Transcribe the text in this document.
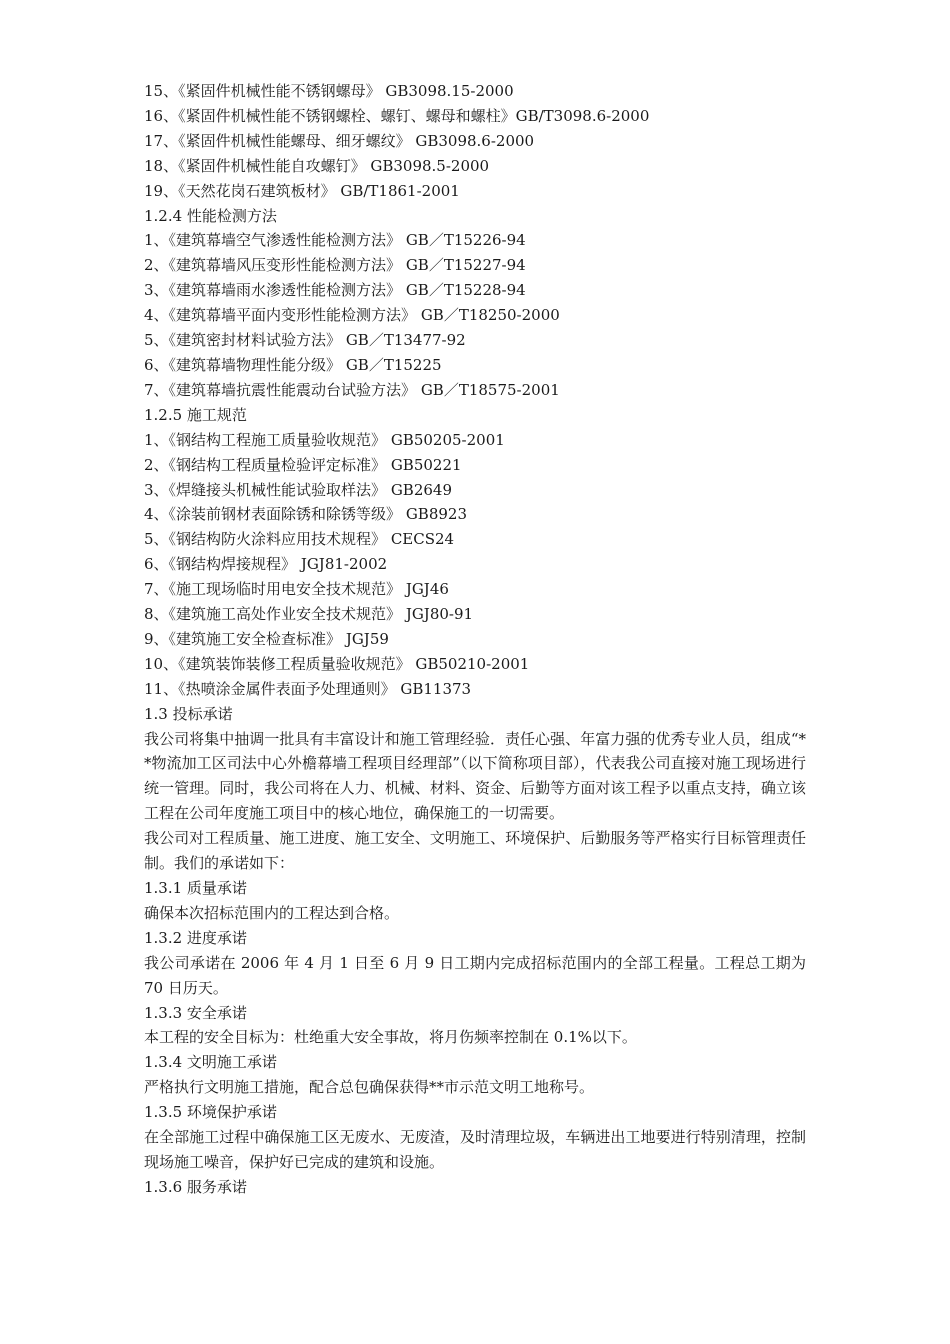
15、《紧固件机械性能不锈钢螺母》 GB3098.15-2000
16、《紧固件机械性能不锈钢螺栓、螺钉、螺母和螺柱》GB/T3098.6-2000
17、《紧固件机械性能螺母、细牙螺纹》 GB3098.6-2000
18、《紧固件机械性能自攻螺钉》 GB3098.5-2000
19、《天然花岗石建筑板材》 GB/T1861-2001
1.2.4 性能检测方法
1、《建筑幕墙空气渗透性能检测方法》 GB／T15226-94
2、《建筑幕墙风压变形性能检测方法》 GB／T15227-94
3、《建筑幕墙雨水渗透性能检测方法》 GB／T15228-94
4、《建筑幕墙平面内变形性能检测方法》 GB／T18250-2000
5、《建筑密封材料试验方法》 GB／T13477-92
6、《建筑幕墙物理性能分级》 GB／T15225
7、《建筑幕墙抗震性能震动台试验方法》 GB／T18575-2001
1.2.5 施工规范
1、《钢结构工程施工质量验收规范》 GB50205-2001
2、《钢结构工程质量检验评定标准》 GB50221
3、《焊缝接头机械性能试验取样法》 GB2649
4、《涂装前钢材表面除锈和除锈等级》 GB8923
5、《钢结构防火涂料应用技术规程》 CECS24
6、《钢结构焊接规程》 JGJ81-2002
7、《施工现场临时用电安全技术规范》 JGJ46
8、《建筑施工高处作业安全技术规范》 JGJ80-91
9、《建筑施工安全检查标准》 JGJ59
10、《建筑装饰装修工程质量验收规范》 GB50210-2001
11、《热喷涂金属件表面予处理通则》 GB11373
1.3 投标承诺
我公司将集中抽调一批具有丰富设计和施工管理经验．责任心强、年富力强的优秀专业人员，组成“**物流加工区司法中心外檐幕墙工程项目经理部”（以下简称项目部），代表我公司直接对施工现场进行统一管理。同时，我公司将在人力、机械、材料、资金、后勤等方面对该工程予以重点支持，确立该工程在公司年度施工项目中的核心地位，确保施工的一切需要。
我公司对工程质量、施工进度、施工安全、文明施工、环境保护、后勤服务等严格实行目标管理责任制。我们的承诺如下：
1.3.1 质量承诺
确保本次招标范围内的工程达到合格。
1.3.2 进度承诺
我公司承诺在 2006 年 4 月 1 日至 6 月 9 日工期内完成招标范围内的全部工程量。工程总工期为 70 日历天。
1.3.3 安全承诺
本工程的安全目标为：杜绝重大安全事故，将月伤频率控制在 0.1%以下。
1.3.4 文明施工承诺
严格执行文明施工措施，配合总包确保获得**市示范文明工地称号。
1.3.5 环境保护承诺
在全部施工过程中确保施工区无废水、无废渣，及时清理垃圾，车辆进出工地要进行特别清理，控制现场施工噪音，保护好已完成的建筑和设施。
1.3.6 服务承诺
